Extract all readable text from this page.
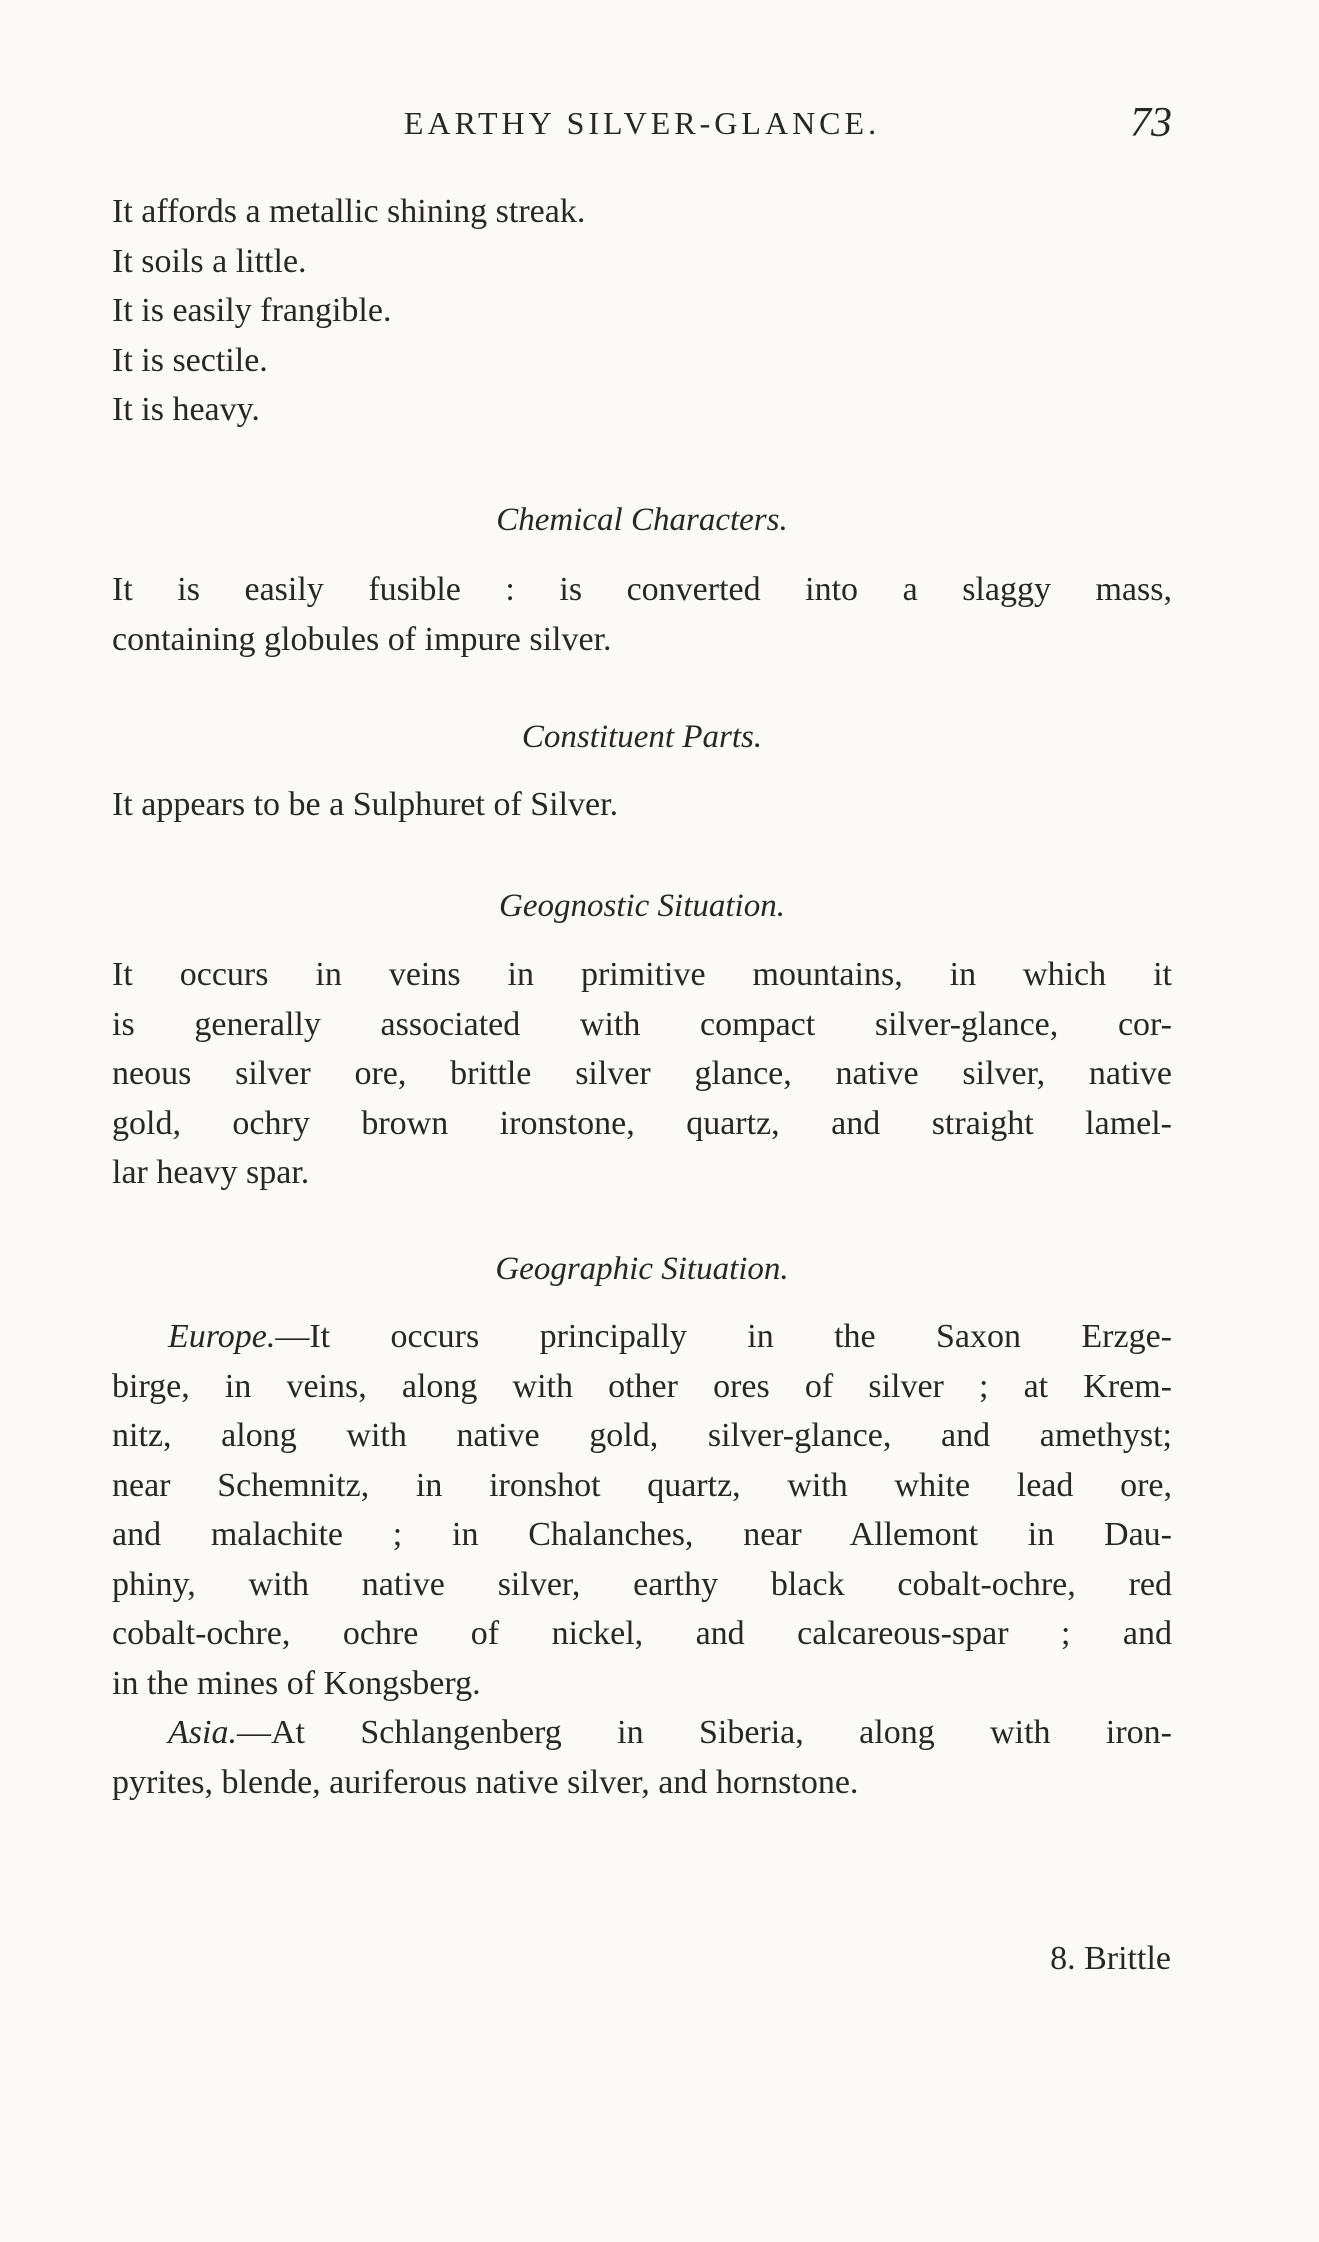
EARTHY SILVER-GLANCE.	73
It affords a metallic shining streak.
It soils a little.
It is easily frangible.
It is sectile.
It is heavy.
Chemical Characters.
It is easily fusible : is converted into a slaggy mass,
containing globules of impure silver.
Constituent Parts.
It appears to be a Sulphuret of Silver.
Geognostic Situation.
It occurs in veins in primitive mountains, in which it
is generally associated with compact silver-glance, cor-
neous silver ore, brittle silver glance, native silver, native
gold, ochry brown ironstone, quartz, and straight lamel-
lar heavy spar.
Geographic Situation.
Europe.—It occurs principally in the Saxon Erzge-
birge, in veins, along with other ores of silver ; at Krem-
nitz, along with native gold, silver-glance, and amethyst;
near Schemnitz, in ironshot quartz, with white lead ore,
and malachite ; in Chalanches, near Allemont in Dau-
phiny, with native silver, earthy black cobalt-ochre, red
cobalt-ochre, ochre of nickel, and calcareous-spar ; and
in the mines of Kongsberg.
Asia.—At Schlangenberg in Siberia, along with iron-
pyrites, blende, auriferous native silver, and hornstone.
8. Brittle
